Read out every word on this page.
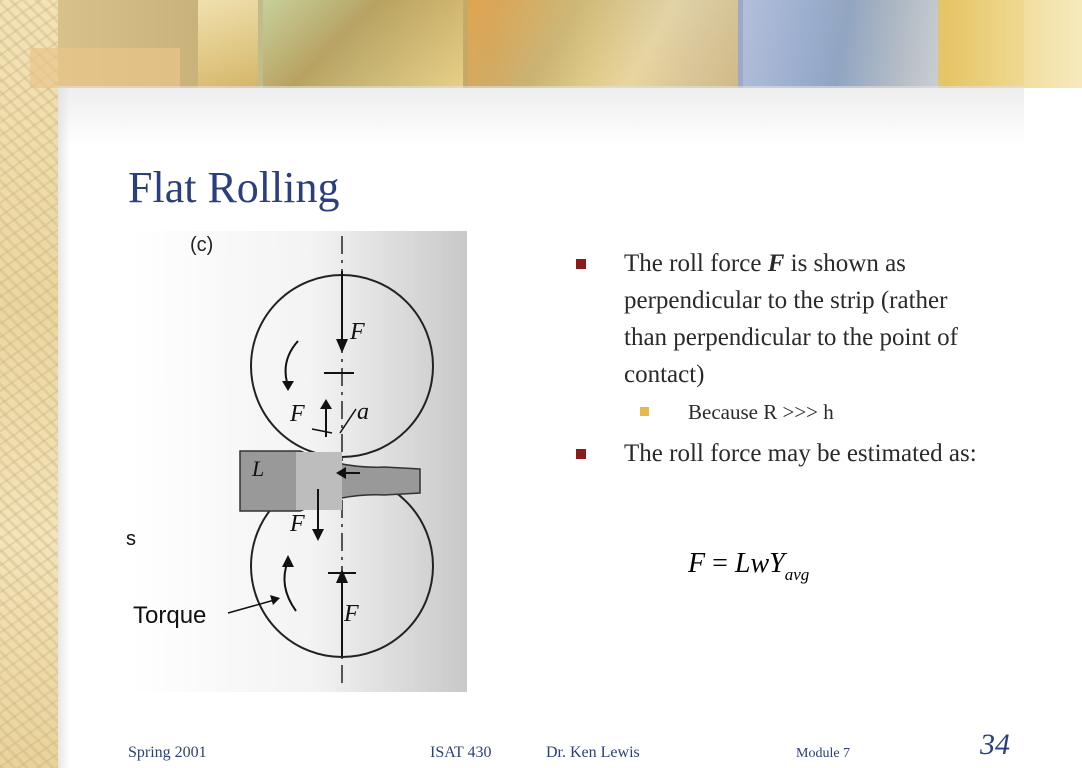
Flat Rolling
(c)
F
F a
L
F
F
Torque
s
The roll force F is shown as perpendicular to the strip (rather than perpendicular to the point of contact)
Because R >>> h
The roll force may be estimated as:
F = LwY$_{avg}$
Spring 2001	ISAT 430	Dr. Ken Lewis	Module 7	34
